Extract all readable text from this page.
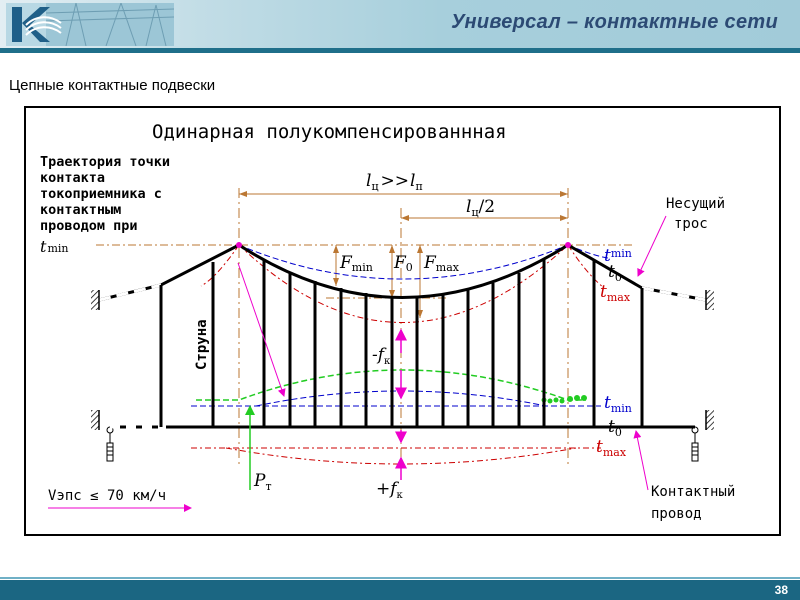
Универсал – контактные сети
Цепные контактные подвески
Одинарная полукомпенсированнная
Траектория точки
контакта
токоприемника с
контактным
проводом при
tmin
$l_ц >>l_п$
$l_ц/2$
Fmin F0 Fmax
Струна
$t^{min}$
$t_0$
$t_{max}$
$t_{min}$
$t_0$
$t_{max}$
Несущий
трос
Контактный
провод
$-f_к$
$+f_к$
$P_т$
Vэпс ≤ 70 км/ч
38
